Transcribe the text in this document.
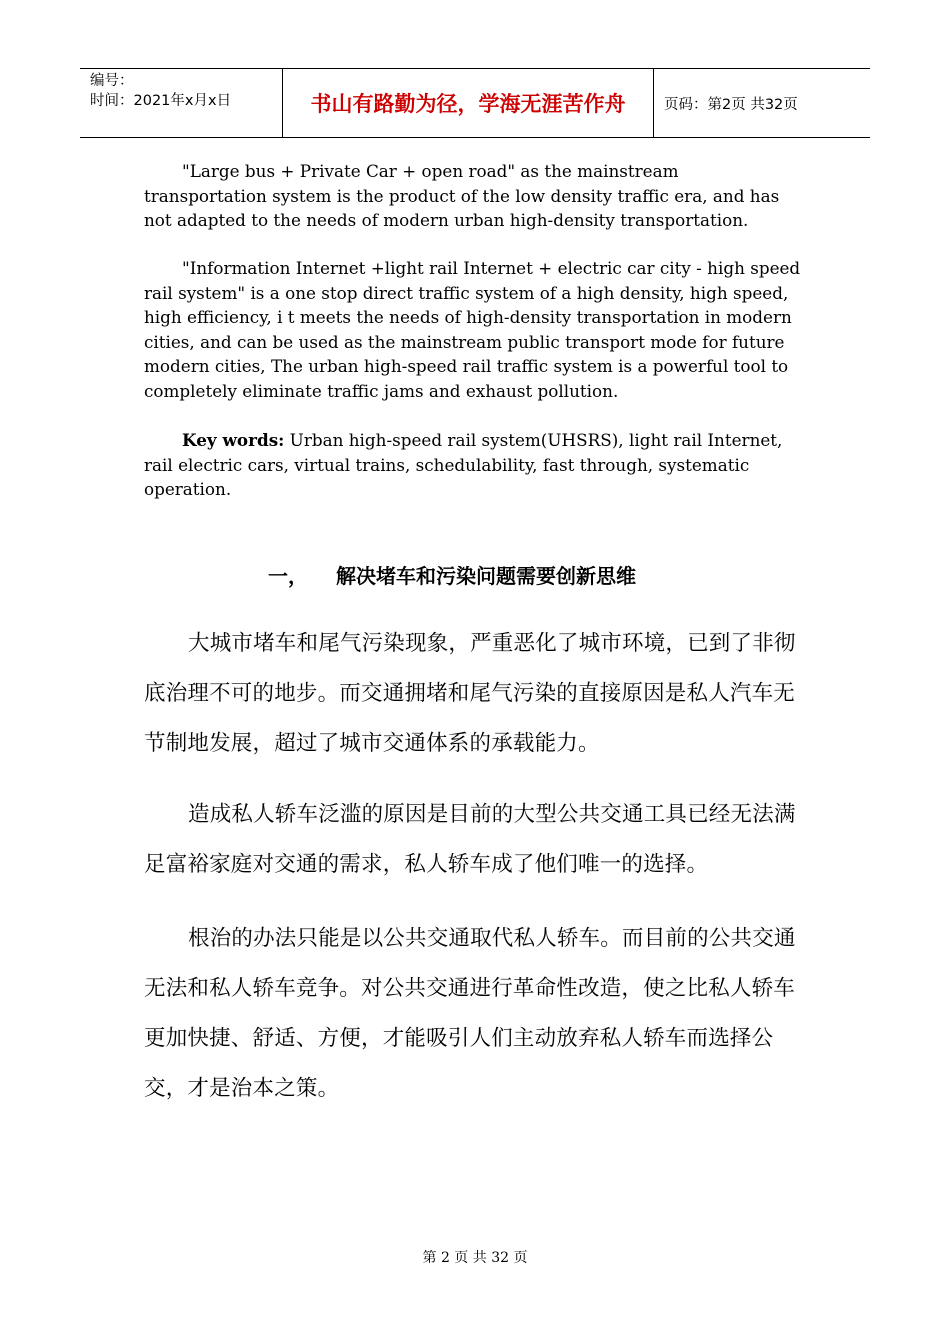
编号：
时间：2021年x月x日	书山有路勤为径，学海无涯苦作舟	页码：第2页 共32页

"Large bus + Private Car + open road" as the mainstream transportation system is the product of the low density traffic era, and has not adapted to the needs of modern urban high-density transportation.

"Information Internet +light rail Internet + electric car city - high speed rail system" is a one stop direct traffic system of a high density, high speed, high efficiency, i t meets the needs of high-density transportation in modern cities, and can be used as the mainstream public transport mode for future modern cities, The urban high-speed rail traffic system is a powerful tool to completely eliminate traffic jams and exhaust pollution.

Key words: Urban high-speed rail system(UHSRS), light rail Internet, rail electric cars, virtual trains, schedulability, fast through, systematic operation.

一， 解决堵车和污染问题需要创新思维

大城市堵车和尾气污染现象，严重恶化了城市环境，已到了非彻底治理不可的地步。而交通拥堵和尾气污染的直接原因是私人汽车无节制地发展，超过了城市交通体系的承载能力。

造成私人轿车泛滥的原因是目前的大型公共交通工具已经无法满足富裕家庭对交通的需求，私人轿车成了他们唯一的选择。

根治的办法只能是以公共交通取代私人轿车。而目前的公共交通无法和私人轿车竞争。对公共交通进行革命性改造，使之比私人轿车更加快捷、舒适、方便，才能吸引人们主动放弃私人轿车而选择公交，才是治本之策。

第 2 页 共 32 页
